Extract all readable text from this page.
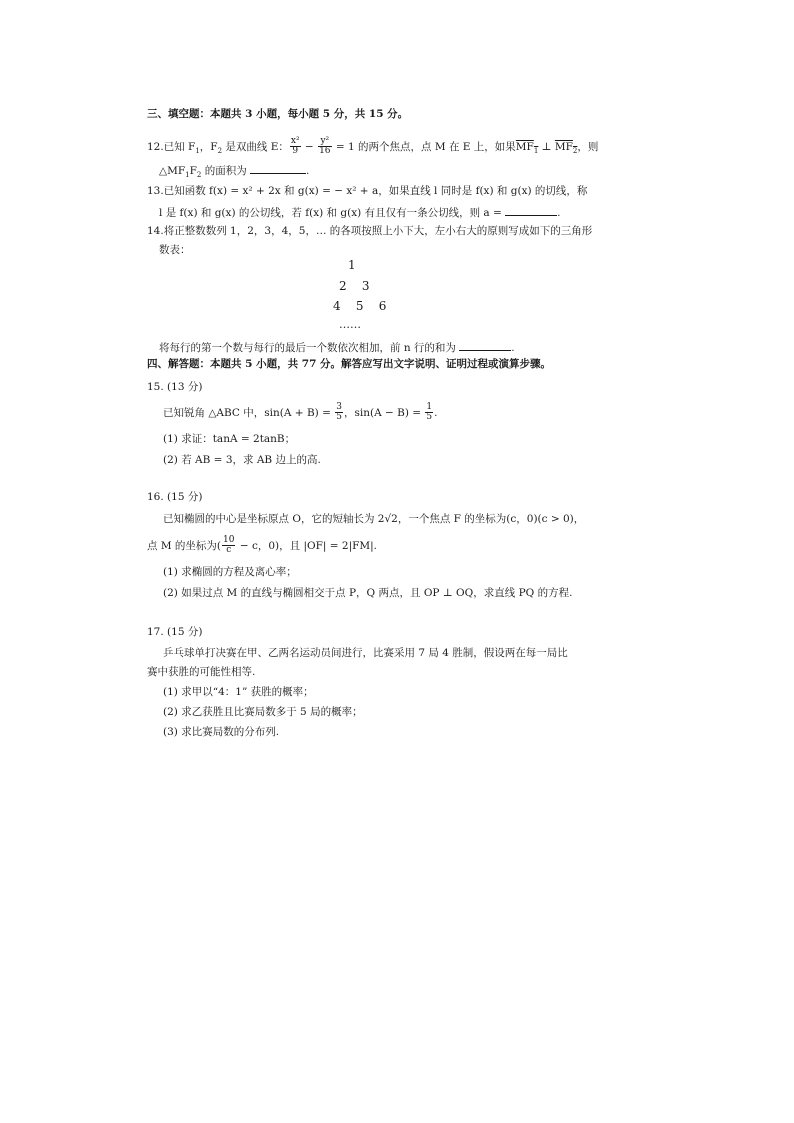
三、填空题：本题共 3 小题，每小题 5 分，共 15 分。
12.已知 $F_1$，$F_2$ 是双曲线 E： $\frac{\text{x²}}{9} - \frac{\text{y²}}{16} = 1$ 的两个焦点，点 M 在 E 上，如果$MF_1$ ⊥ $MF_2$，则
$\triangle MF_1F_2$ 的面积为	.
13.已知函数 f(x) = x² + 2x 和 g(x) = − x² + a，如果直线 l 同时是 f(x) 和 g(x) 的切线，称
l 是 f(x) 和 g(x) 的公切线，若 f(x) 和 g(x) 有且仅有一条公切线，则 a =	.
14.将正整数数列 1，2，3，4，5，… 的各项按照上小下大，左小右大的原则写成如下的三角形
数表：
1
2    3
4    5    6
……
将每行的第一个数与每行的最后一个数依次相加，前 n 行的和为	.
四、解答题：本题共 5 小题，共 77 分。解答应写出文字说明、证明过程或演算步骤。
15. (13 分)
已知锐角 △ABC 中，$\sin(A + B) = \frac{3}{5}$ ，$\sin(A - B) = \frac{1}{5}$ .
(1) 求证：tanA = 2tanB；
(2) 若 AB = 3，求 AB 边上的高.
16. (15 分)
已知椭圆的中心是坐标原点 O，它的短轴长为 2√2，一个焦点 F 的坐标为(c，0)(c > 0)，
点 M 的坐标为( $\frac{10}{c} - c$，0)，且 |OF| = 2|FM|.
(1) 求椭圆的方程及离心率；
(2) 如果过点 M 的直线与椭圆相交于点 P，Q 两点，且 OP ⊥ OQ，求直线 PQ 的方程.
17. (15 分)
乒乓球单打决赛在甲、乙两名运动员间进行，比赛采用 7 局 4 胜制，假设两在每一局比
赛中获胜的可能性相等.
(1) 求甲以“4：1” 获胜的概率；
(2) 求乙获胜且比赛局数多于 5 局的概率；
(3) 求比赛局数的分布列.
